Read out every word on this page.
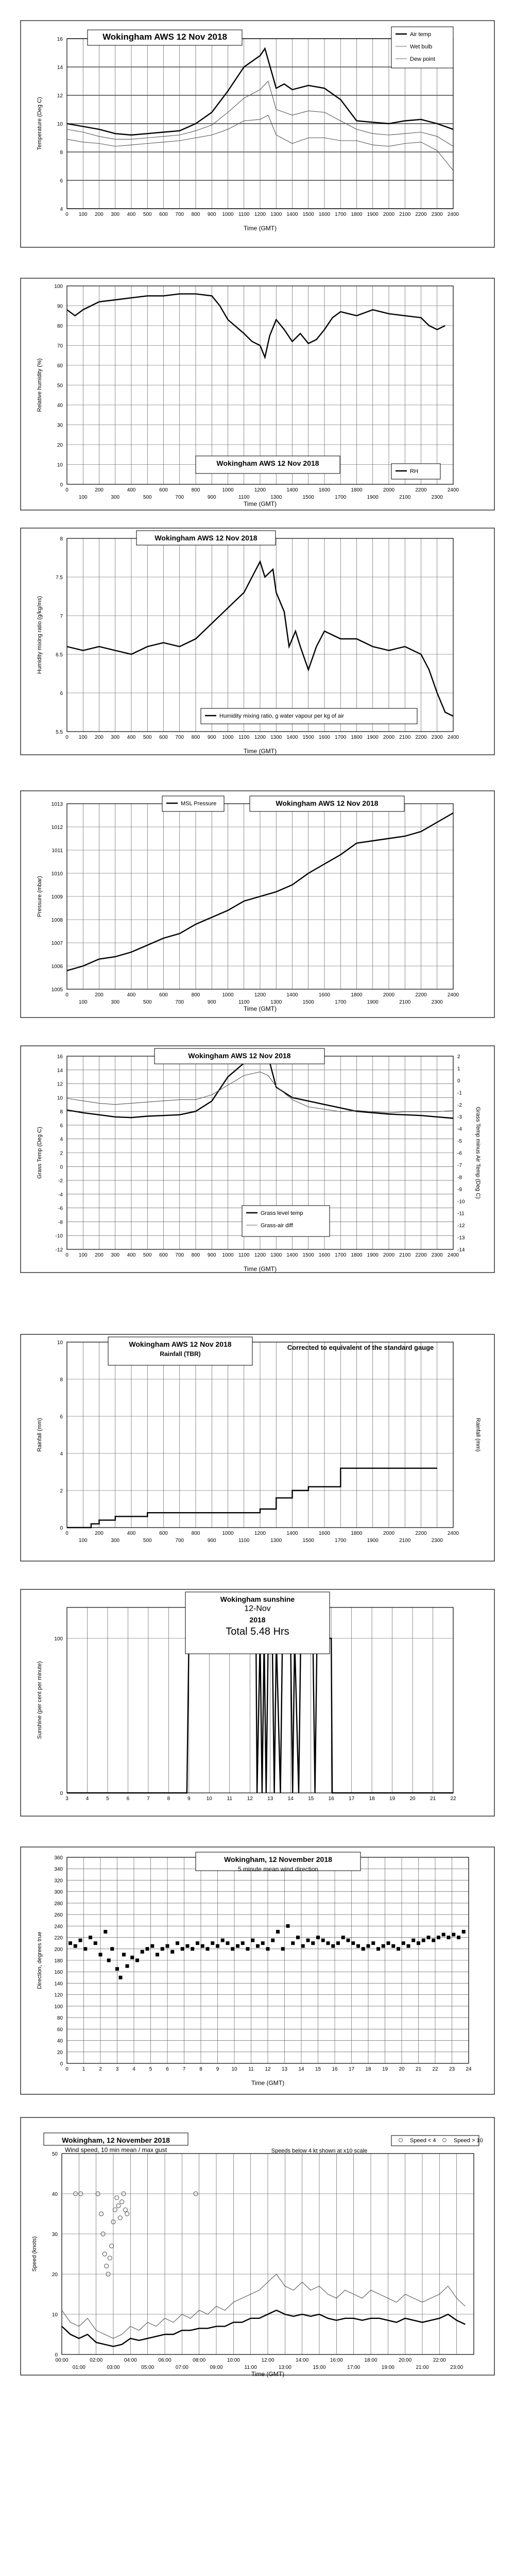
0 100 200 300 400 500 600 700 800 900 1000 1100 1200 1300 1400 1500 1600 1700 1800 1900 2000 2100 2200 2300 2400
4
6
8
10
12
14
16
Time (GMT)
Temperature (Deg C)
Wokingham AWS 12 Nov 2018	Air temp
Wet bulb
Dew point
0
100
200
300
400
500
600
700
800
900
1000
1100
1200
1300
1400
1500
1600
1700
1800
1900
2000
2100
2200
2300
2400
0
10
20
30
40
50
60
70
80
90
100
Time (GMT)
Relative humidity (%)
Wokingham AWS 12 Nov 2018
RH
0 100 200 300 400 500 600 700 800 900 1000 1100 1200 1300 1400 1500 1600 1700 1800 1900 2000 2100 2200 2300 2400
5.5
6
6.5
7
7.5
8
Time (GMT)
Humidity mixing ratio (g/kg/ms)
Wokingham AWS 12 Nov 2018
Humidity mixing ratio, g water vapour per kg of air
0
100
200
300
400
500
600
700
800
900
1000
1100
1200
1300
1400
1500
1600
1700
1800
1900
2000
2100
2200
2300
2400
1005
1006
1007
1008
1009
1010
1011
1012
1013
Time (GMT)
Pressure (mbar)
Wokingham AWS 12 Nov 2018
MSL Pressure
0 100 200 300 400 500 600 700 800 900 1000 1100 1200 1300 1400 1500 1600 1700 1800 1900 2000 2100 2200 2300 2400
-12
-10
-8
-6
-4
-2
0
2
4
6
8
10
12
14
16
-14
-13
-12
-11
-10
-9
-8
-7
-6
-5
-4
-3
-2
-1
0
1
2
Grass Temp minus Air Temp (Deg C)
Time (GMT)
Grass Temp (Deg C)
Wokingham AWS 12 Nov 2018
Grass level temp
Grass-air diff
0
100
200
300
400
500
600
700
800
900
1000
1100
1200
1300
1400
1500
1600
1700
1800
1900
2000
2100
2200
2300
2400
0
2
4
6
8
10
Rainfall (mm)
Rainfall (mm)
Wokingham AWS 12 Nov 2018
Rainfall (TBR)
Corrected to equivalent of the standard gauge
3	4	5	6	7	8	9	10	11	12	13	14	15	16	17	18	19	20	21	22
0
100
Sunshine (per cent per minute)
Wokingham sunshine
12-Nov
2018
Total 5.48 Hrs
0	1	2	3	4	5	6	7	8	9 10 11 12 13 14 15 16 17 18 19 20 21 22 23 24
0
20
40
60
80
100
120
140
160
180
200
220
240
260
280
300
320
340
360
Time (GMT)
Direction, degrees true
Wokingham, 12 November 2018
5 minute mean wind direction
00:00
01:00
02:00
03:00
04:00
05:00
06:00
07:00
08:00
09:00
10:00
11:00
12:00
13:00
14:00
15:00
16:00
17:00
18:00
19:00
20:00
21:00
22:00
23:00
0
10
20
30
40
50
Time (GMT)
Speed (knots)
Wokingham, 12 November 2018
Wind speed, 10 min mean / max gust	Speeds below 4 kt shown at x10 scale
Speed < 4	Speed > 10
